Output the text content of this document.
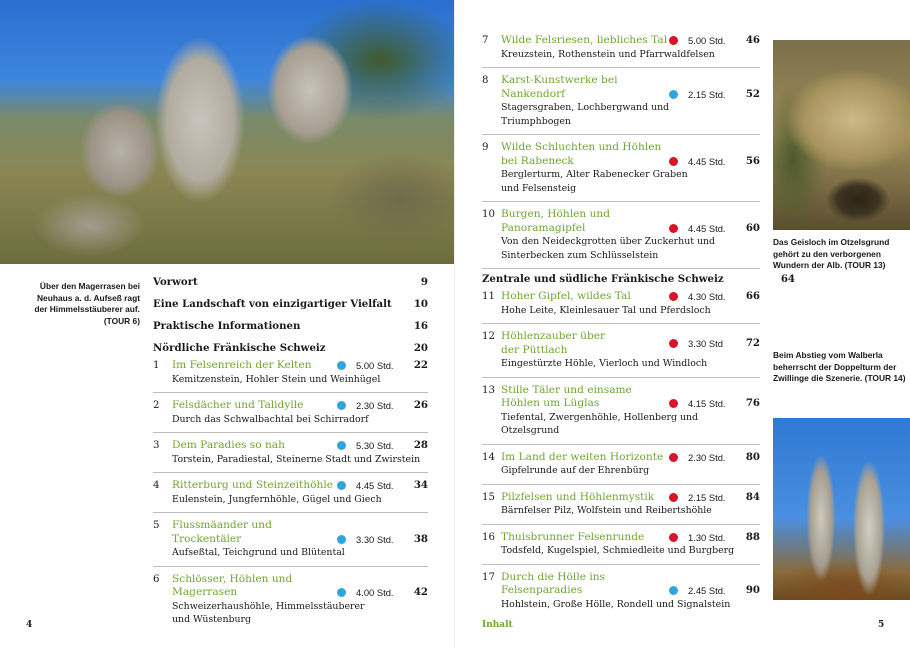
Über den Magerrasen bei Neuhaus a. d. Aufseß ragt der Himmelsstäuberer auf. (TOUR 6)
Vorwort	9
Eine Landschaft von einzigartiger Vielfalt 10
Praktische Informationen	16
Nördliche Fränkische Schweiz	20
1	Im Felsenreich der Kelten	5.00 Std.	22
Kemitzenstein, Hohler Stein und Weinhügel
2	Felsdächer und Talidylle	2.30 Std.	26
Durch das Schwalbachtal bei Schirradorf
3	Dem Paradies so nah	5.30 Std.	28
Torstein, Paradiestal, Steinerne Stadt und Zwirstein
4	Ritterburg und Steinzeithöhle 4.45 Std.	34
Eulenstein, Jungfernhöhle, Gügel und Giech
5	Flussmäander und
Trockentäler	3.30 Std.	38
Aufseßtal, Teichgrund und Blütental
6	Schlösser, Höhlen und
Magerrasen	4.00 Std.	42
Schweizerhaushöhle, Himmelsstäuberer
und Wüstenburg
4
7	Wilde Felsriesen, liebliches Tal 5.00 Std.	46
Kreuzstein, Rothenstein und Pfarrwaldfelsen
8	Karst-Kunstwerke bei
Nankendorf	2.15 Std.	52
Stagersgraben, Lochbergwand und
Triumphbogen
9	Wilde Schluchten und Höhlen
bei Rabeneck	4.45 Std.	56
Berglerturm, Alter Rabenecker Graben
und Felsensteig
10 Burgen, Höhlen und
Panoramagipfel	4.45 Std.	60
Von den Neideckgrotten über Zuckerhut und
Sinterbecken zum Schlüsselstein
Zentrale und südliche Fränkische Schweiz	64
11 Hoher Gipfel, wildes Tal	4.30 Std.	66
Hohe Leite, Kleinlesauer Tal und Pferdsloch
12 Höhlenzauber über
der Püttlach
3.30 Std	72
Eingestürzte Höhle, Vierloch und Windloch
13 Stille Täler und einsame
Höhlen um Lüglas	4.15 Std.	76
Tiefental, Zwergenhöhle, Hollenberg und
Otzelsgrund
14 Im Land der weiten Horizonte	2.30 Std.	80
Gipfelrunde auf der Ehrenbürg
15 Pilzfelsen und Höhlenmystik	2.15 Std.	84
Bärnfelser Pilz, Wolfstein und Reibertshöhle
16 Thuisbrunner Felsenrunde	1.30 Std.	88
Todsfeld, Kugelspiel, Schmiedleite und Burgberg
17 Durch die Hölle ins
Felsenparadies	2.45 Std.	90
Hohlstein, Große Hölle, Rondell und Signalstein
Das Geisloch im Otzelsgrund gehört zu den verborgenen Wundern der Alb. (TOUR 13)
Beim Abstieg vom Walberla beherrscht der Doppelturm der Zwillinge die Szenerie. (TOUR 14)
Inhalt	5
